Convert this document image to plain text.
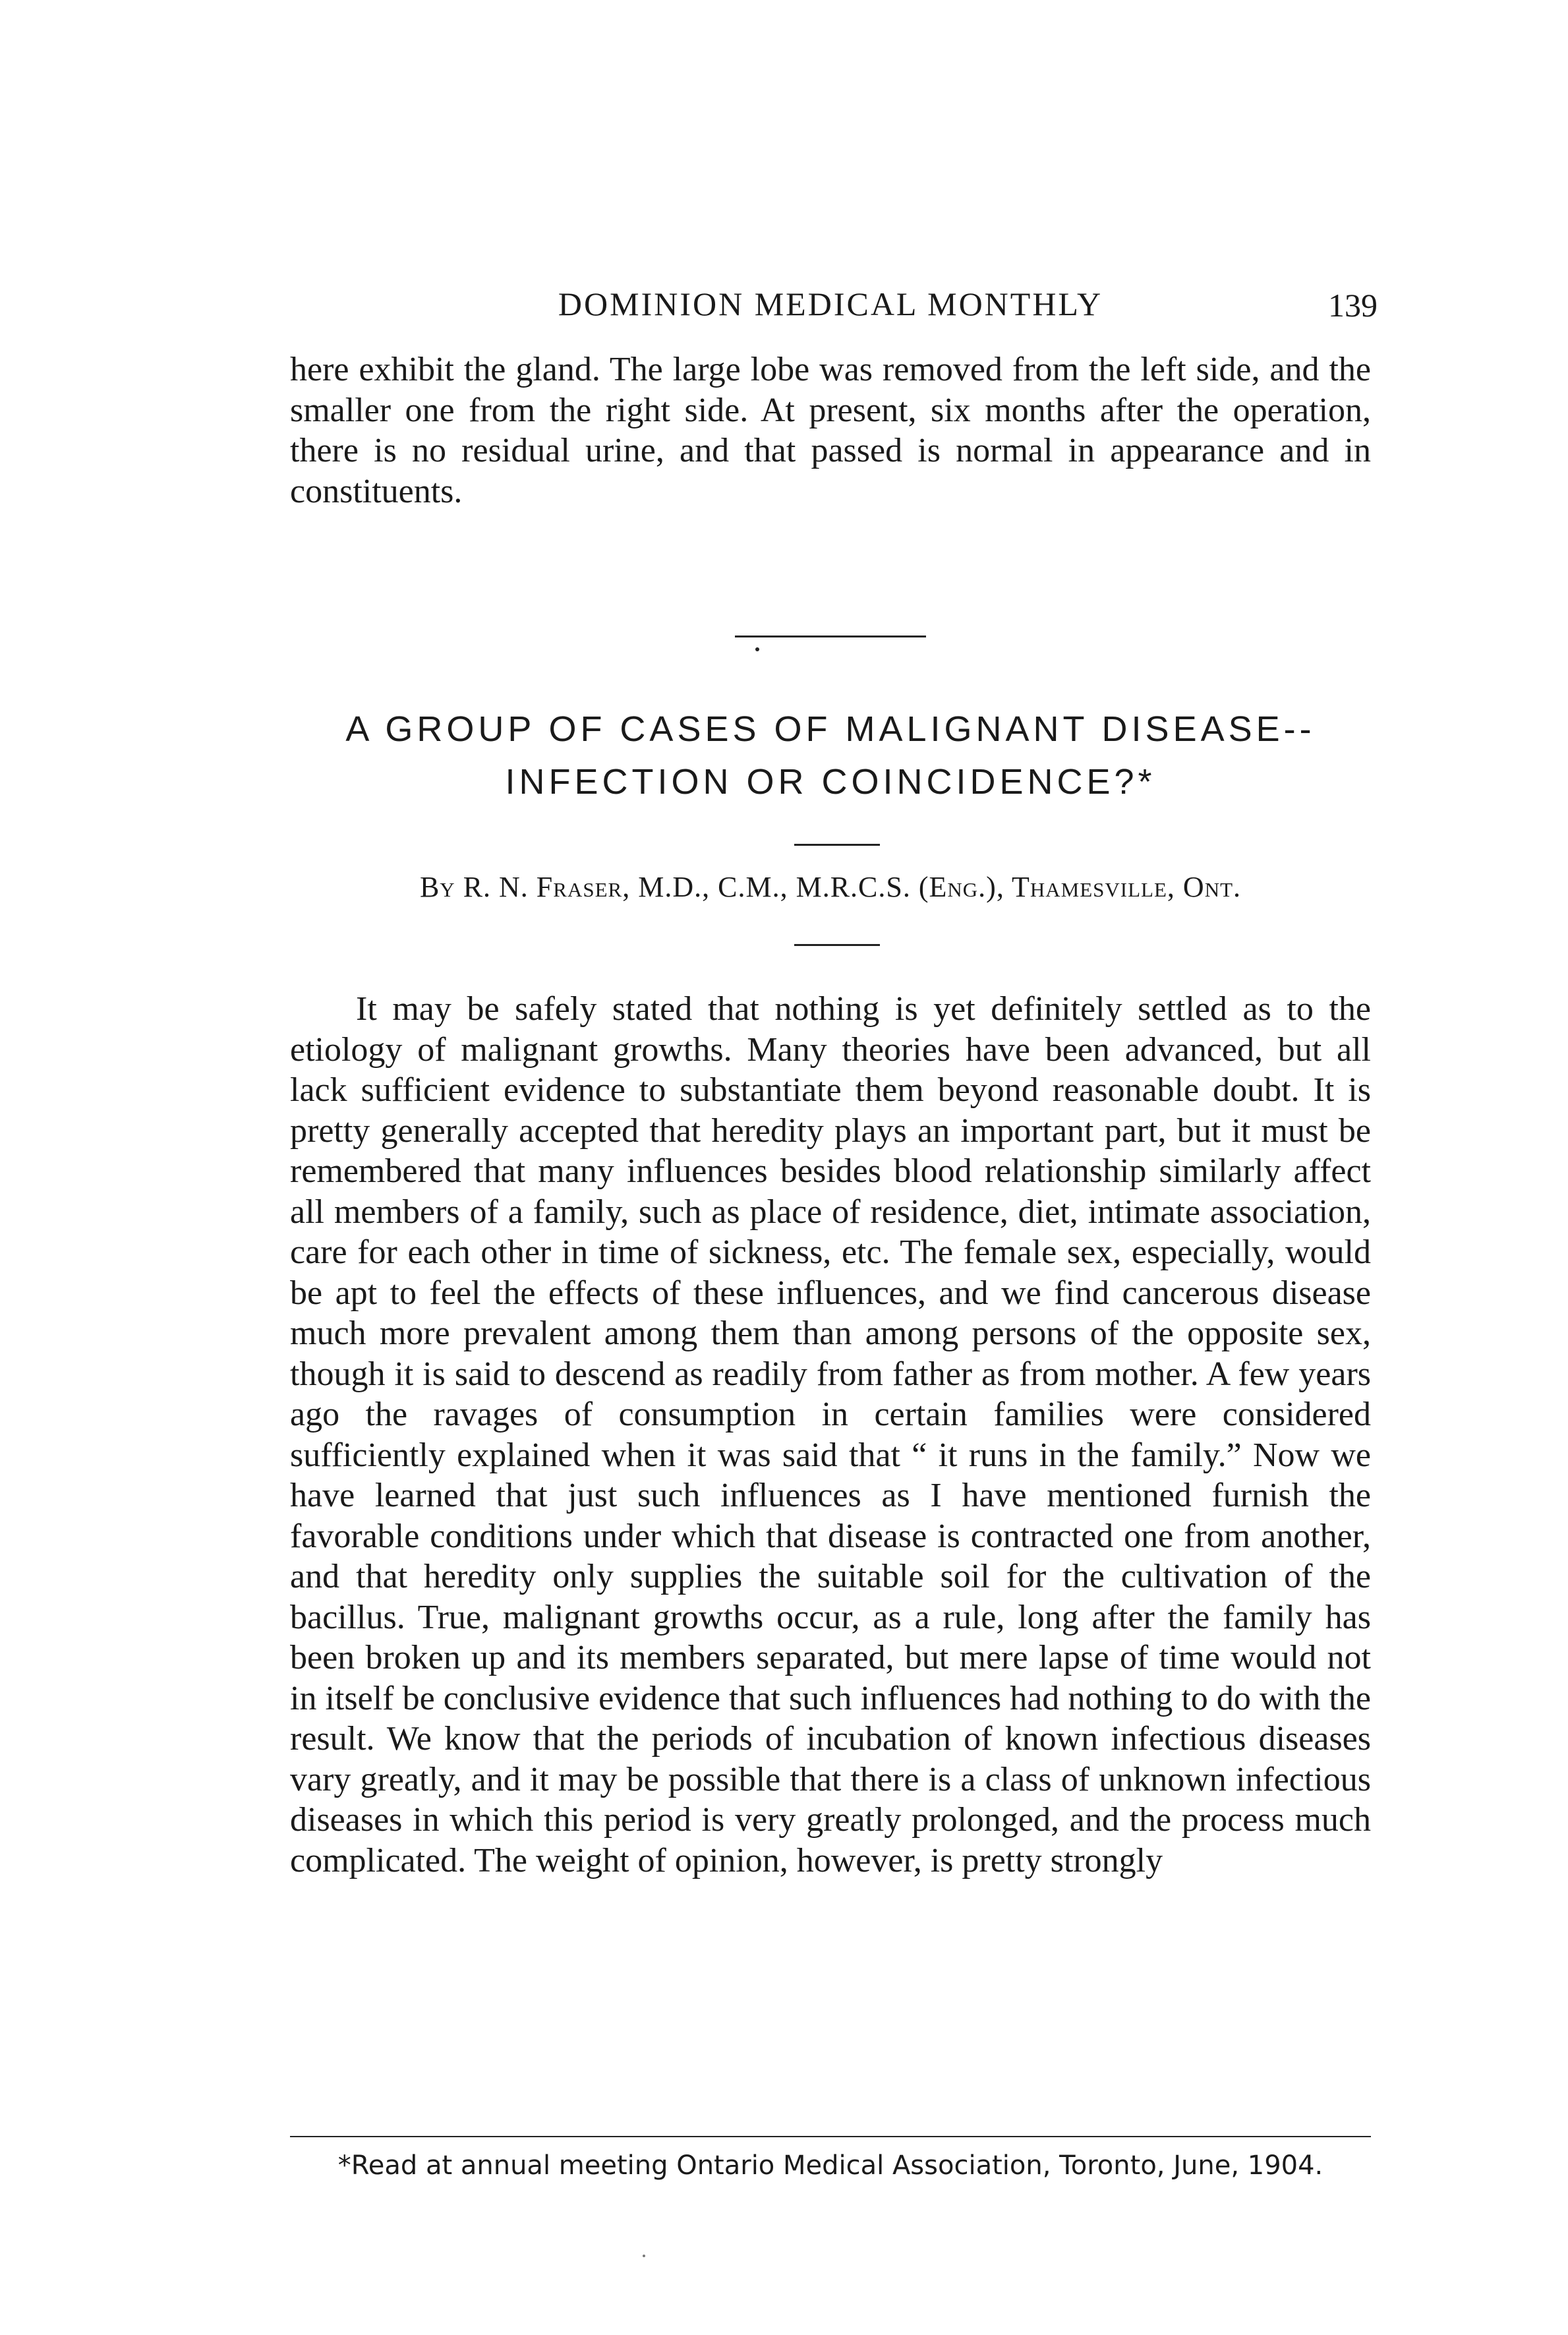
DOMINION MEDICAL MONTHLY	139

here exhibit the gland. The large lobe was removed from the left side, and the smaller one from the right side. At present, six months after the operation, there is no residual urine, and that passed is normal in appearance and in constituents.

A GROUP OF CASES OF MALIGNANT DISEASE--
INFECTION OR COINCIDENCE?*
By R. N. Fraser, M.D., C.M., M.R.C.S. (Eng.), Thamesville, Ont.

It may be safely stated that nothing is yet definitely settled as to the etiology of malignant growths. Many theories have been advanced, but all lack sufficient evidence to substantiate them beyond reasonable doubt. It is pretty generally accepted that heredity plays an important part, but it must be remembered that many influences besides blood relationship similarly affect all members of a family, such as place of residence, diet, intimate association, care for each other in time of sickness, etc. The female sex, especially, would be apt to feel the effects of these influences, and we find cancerous disease much more prevalent among them than among persons of the opposite sex, though it is said to descend as readily from father as from mother. A few years ago the ravages of consumption in certain families were considered sufficiently explained when it was said that “ it runs in the family.” Now we have learned that just such influences as I have mentioned furnish the favorable conditions under which that disease is contracted one from another, and that heredity only supplies the suitable soil for the cultivation of the bacillus. True, malignant growths occur, as a rule, long after the family has been broken up and its members separated, but mere lapse of time would not in itself be conclusive evidence that such influences had nothing to do with the result. We know that the periods of incubation of known infectious diseases vary greatly, and it may be possible that there is a class of unknown infectious diseases in which this period is very greatly prolonged, and the process much complicated. The weight of opinion, however, is pretty strongly

*Read at annual meeting Ontario Medical Association, Toronto, June, 1904.
